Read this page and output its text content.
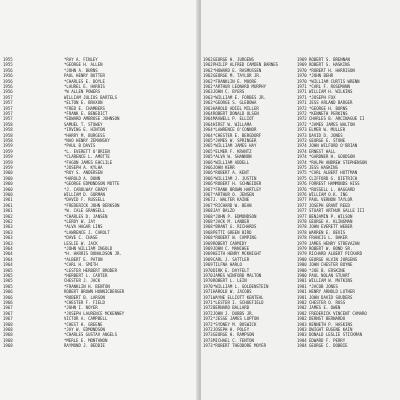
1955	*RAY A. FINLEY
1955	*GEORGE H. ALLEN
1956	*JOHN A. BURNS
1956	PAUL HENRY BUTTER
1956	*CHARLES E. DOYLE
1956	*LAUREL E. HARRIS
1956	*W ALLEN POWERS
1957	WILLIAM JULIUS BARTELS
1957	*ELTON E. BRAXON
1957	*FRED E. CHAMBERS
1957	*FRANK E. BENEDICT
1957	*EDWARD AMBROSE JOHNSON
1958	SAMUEL T. STOWEY
1958	*IRVING E. HINTON
1958	*HARRY M. BURGESS
1958	*NAO HENRY ZEMANSKY
1959	*PAUL B DAVIS
1959	*L. EVERETT O'BRIEN
1959	*CLARENCE L. AMOTTE
1959	*FAGON JAMES EHCLILE
1959	*JOSEPH A. KYLHA
1960	*ROY S. ANDERSEN
1960	*HAROLD A. DUNN
1960	*GEORGE EDMONDSON MOTTE
1960	*J. CAROLWAY GRADY
1960	WILLIAM D. GORMAN
1961	*DAVID F. RUSSELL
1961	*FREDERICK JOHN BERKSON
1961	*W. CALE GRANSELL
1962	*CHARLES D. JANSEN
1962	*LEROY W. JAY
1963	*ALVA HAGAR LINS
1963	*LAWRENCE J. CAROLT
1963	*DAVE C. CHASE
1963	LESLIE W. JACK
1964	*JOHN WILLIAM INGOLD
1964	*H. HARRIS DONALDSON JR.
1964	*ALBERT E. PATON
1964	*CARL H. SMITH
1965	*LESTER HERBERT BRODER
1965	*HERBERT L. CARTER
1965	CHESTER J. JACK
1965	*FRANKLIN H. BENTON
1966	ROBERT BROWN HUNNICBERGER
1966	*ROBERT B. LARSON
1966	*CHESTER F. FIELD
1967	*JOHN I. NOYER
1967	*JOSEPH LAURENCE MCKENNEY
1967	VICTOR A. CAMPBELL
1968	*CHEST H. GREENE
1968	*JAY W. EDMONDSON
1968	*CHARLES GUSTAV ANGELS
1968	*MERLE E. MONTANON
1968	RAYMOND J. BEDDIE
1962 GEORGE H. JURGENS	1969 ROBERT S. BRENNAN
1962 PHILIP ALFRED CAMDEN BARNES	1969 ROBERT S. HASKINS
1962 *HOWARD E. RASMUSSEN	1970 *ROBERT H. HARRISON
1962 GEORGE M. TAYLOR JR.	1970 *JOHN BEHR
1962 *FRANKLIN E. MOORE	1970 *WILLIAM CURTIS WRENN
1962 *ARTHUR LEONARD MURPHY	1971 *CARL F. ROSEMANN
1963 JOHN C. BYERS	1971 WILLIAM H. WILKINS
1963 *WILLIAM E. FORBES JR.	1971 *JOSEPH FOX
1963 *GEORGE S. GLEBOWA	1971 JESS ARLAND BARGER
1963 HAROLD ADIEL MILLER	1972 *GEORGE H. BURNS
1964 ROBERT DONALD OLSEN	1972 *KENNETH PERKINS
1964 MAXWELL P. ELLIOT	1972 CHARLES B. ARCINAGUE II
1964 HIRST W. WILLAMA	1972 *JAMES JAMES WALTON
1964 *LAWRENCE O'CONNOR	1973 ELMER W. MULLER
1964 *CHESTER E. BERGDORF	1973 DAVID D. JONES
1965 *JAMES W. SPRINGER	1973 GEORGE E. STONE
1965 *WILLIAM JAMES HAY	1974 JOHN WILFORD O'BRIAN
1965 *ELMER F. KRANTZ	1974 ERNEST HALL
1965 *ALVA W. SHANNON	1974 *GARDNER H. GOODSON
1966 *WILLIAM ADDELL	1974 *RALPH ANDREW STEPHENSON
1966 JOHN KERR	1975 JESS HASKINS
1966 *ROBERT A. KENT	1975 *CARL ALBERT HOTTMAN
1966 *WILLIAM J. JUSTIN	1975 CLIFFORD G. DIETRICH
1966 *ROBERT H. SCHNEIDER	1976 FORREST HAMMONDS HISS
1967 *FRANK BROWN HARTLEY	1976 *RUSSELL L. HAGGARD
1967 *ARTHUR O. JENSEN	1976 WILLIAM O.K. ING
1967 J. WALTER KAINE	1977 PAUL VERNON TAYLOR
1967 *RICHARD W. BEAN	1977 JOSEPH GRANT REED
1968 JAY BALZO	1977 STUART ARTHUR GALLE III
1968 *JOHN P. EDMONDSON	1977 BENJAMIN P. WILSON
1968 *JACK M. LANDER	1978 GEORGE A. KLINGMAN
1968 *BRANT G. RICHARDS	1978 JOHN EVERETT WEBER
1968 PETTI GREEN BIRD	1978 WARREN E. BEVIS
1968 *ROBERT W. CAMPING	1978 FRANCIS L. BAKER
1969 ROBERT CARMIDY	1979 JAMES HENRY STREVAZAN
1969 JOHN C. MANCHEE	1979 ROBERT W. BOND SR.
1969 KEITH HENRY MCKNIGHT	1979 RICHARD ALBERT PICKARD
1969 CARL J. SATTLER	1980 GEORGE ALVIN JURGENS
1969 TILFNA HARLO	1980 JOHN CHESTER BOYNE
1970 DIRK E. DAYFELT	1980 *JOE B. ERSKINE
1970 JAMES WINFORD MALTON	1980 PAUL NOLAN STUART
1970 ROBERT L. LEIN	1981 WILLIAM W. MATKINS
1970 *WILLIAM L. GOLDENSTEIN	1981 *JACOB JONES
1971 HAROLD W. JACOBS	1981 HENRY ARNOLD LUTHER
1971 WAYNE ELLIOTT KENTEAL	1981 JOHN DAVID SOUDERS
1971 *LESTER I. SCHOEFIELD	1982 CHESTER O. RUSS
1972 BERNARD BALLARD	1982 JAMES E. OWEN
1972 JOHN J. DUBBS JR.	1982 FREDERICK VINCENT CAMARO
1972 *JESSE JAMES LUPTON	1982 DERNST BERNARDO
1972 *SYDNEY M. BOSWICK	1983 KENNETH P. HASKINS
1972 JOSEPH H. POLEY	1983 DWIGHT EUGENE KAIN
1973 GEORGE H. RAMPSON	1983 DONALD LESLIE STICKMAN
1973 MICHAEL C. FENTON	1984 EDWARD F. PERRY
1973 *ROBERT THEODORE MOYER	1984 GEORGE C. DOBBIE
